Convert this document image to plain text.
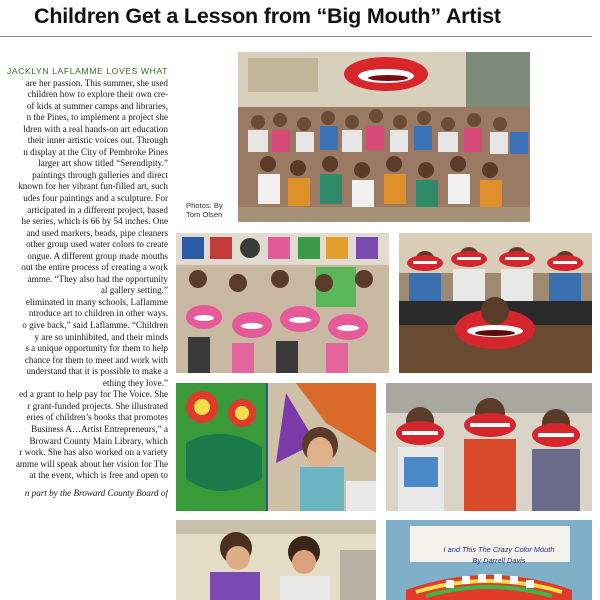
Children Get a Lesson from “Big Mouth” Artist

JACKLYN LAFLAMME LOVES WHAT

are her passion. This summer, she used

children how to explore their own cre-

of kids at summer camps and libraries,

n the Pines, to implement a project she

ldren with a real hands-on art education

their inner artistic voices out. Through

n display at the City of Pembroke Pines

larger art show titled “Serendipity.”

paintings through galleries and direct

known for her vibrant fun-filled art, such

udes four paintings and a sculpture. For

articipated in a different project, based

he series, which is 66 by 54 inches. One

and used markers, beads, pipe cleaners

other group used water colors to create

ongue. A different group made mouths

out the entire process of creating a work

amme. “They also had the opportunity

al gallery setting.”

eliminated in many schools, Laflamme

ntroduce art to children in other ways.

o give back,” said Laflamme. “Children

y are so uninhibited, and their minds

s a unique opportunity for them to help

chance for them to meet and work with

understand that it is possible to make a

ething they love.”

ed a grant to help pay for The Voice. She

r grant-funded projects. She illustrated

eries of children’s books that promotes

Business A…Artist Entrepreneurs,” a

Broward County Main Library, which

r work. She has also worked on a variety

amme will speak about her vision for The

at the event, which is free and open to

n part by the Broward County Board of

Photos: By
Tom Olsen
I and This The Crazy Color Mouth
By Darrell Davis
